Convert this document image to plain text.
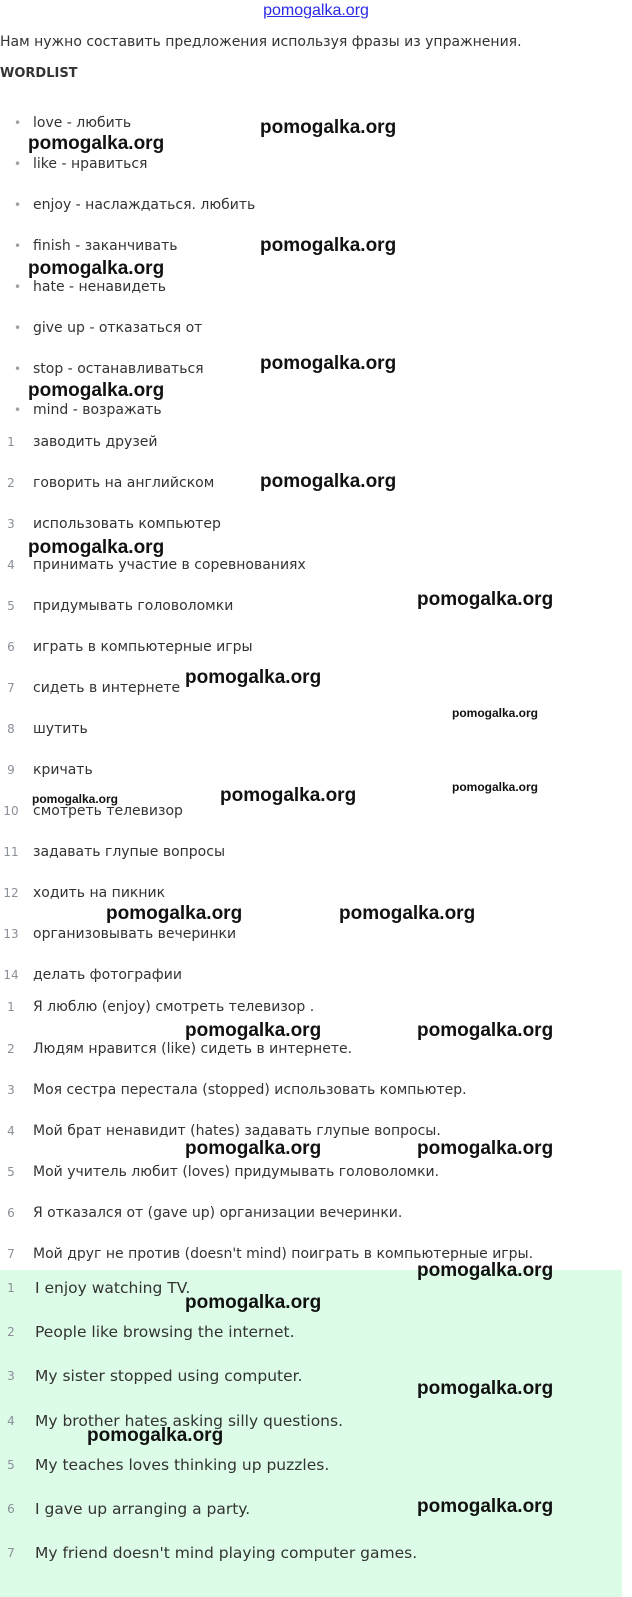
pomogalka.org
Нам нужно составить предложения используя фразы из упражнения.
WORDLIST
• love - любить
• like - нравиться
• enjoy - наслаждаться. любить
• finish - заканчивать
• hate - ненавидеть
• give up - отказаться от
• stop - останавливаться
• mind - возражать
1	заводить друзей
2	говорить на английском
3	использовать компьютер
4	принимать участие в соревнованиях
5	придумывать головоломки
6	играть в компьютерные игры
7	сидеть в интернете
8	шутить
9	кричать
10 смотреть телевизор
11 задавать глупые вопросы
12 ходить на пикник
13 организовывать вечеринки
14 делать фотографии
1	Я люблю (enjoy) смотреть телевизор .
2	Людям нравится (like) сидеть в интернете.
3	Моя сестра перестала (stopped) использовать компьютер.
4	Мой брат ненавидит (hates) задавать глупые вопросы.
5	Мой учитель любит (loves) придумывать головоломки.
6	Я отказался от (gave up) организации вечеринки.
7	Мой друг не против (doesn't mind) поиграть в компьютерные игры.
1	I enjoy watching TV.
2	People like browsing the internet.
3	My sister stopped using computer.
4	My brother hates asking silly questions.
5	My teaches loves thinking up puzzles.
6	I gave up arranging a party.
7	My friend doesn't mind playing computer games.
pomogalka.org
pomogalka.org
pomogalka.org
pomogalka.org
pomogalka.org
pomogalka.org
pomogalka.org
pomogalka.org
pomogalka.org
pomogalka.org
pomogalka.org
pomogalka.org
pomogalka.org
pomogalka.org
pomogalka.org	pomogalka.org
pomogalka.org	pomogalka.org
pomogalka.org	pomogalka.org
pomogalka.org
pomogalka.org
pomogalka.org
pomogalka.org
pomogalka.org
